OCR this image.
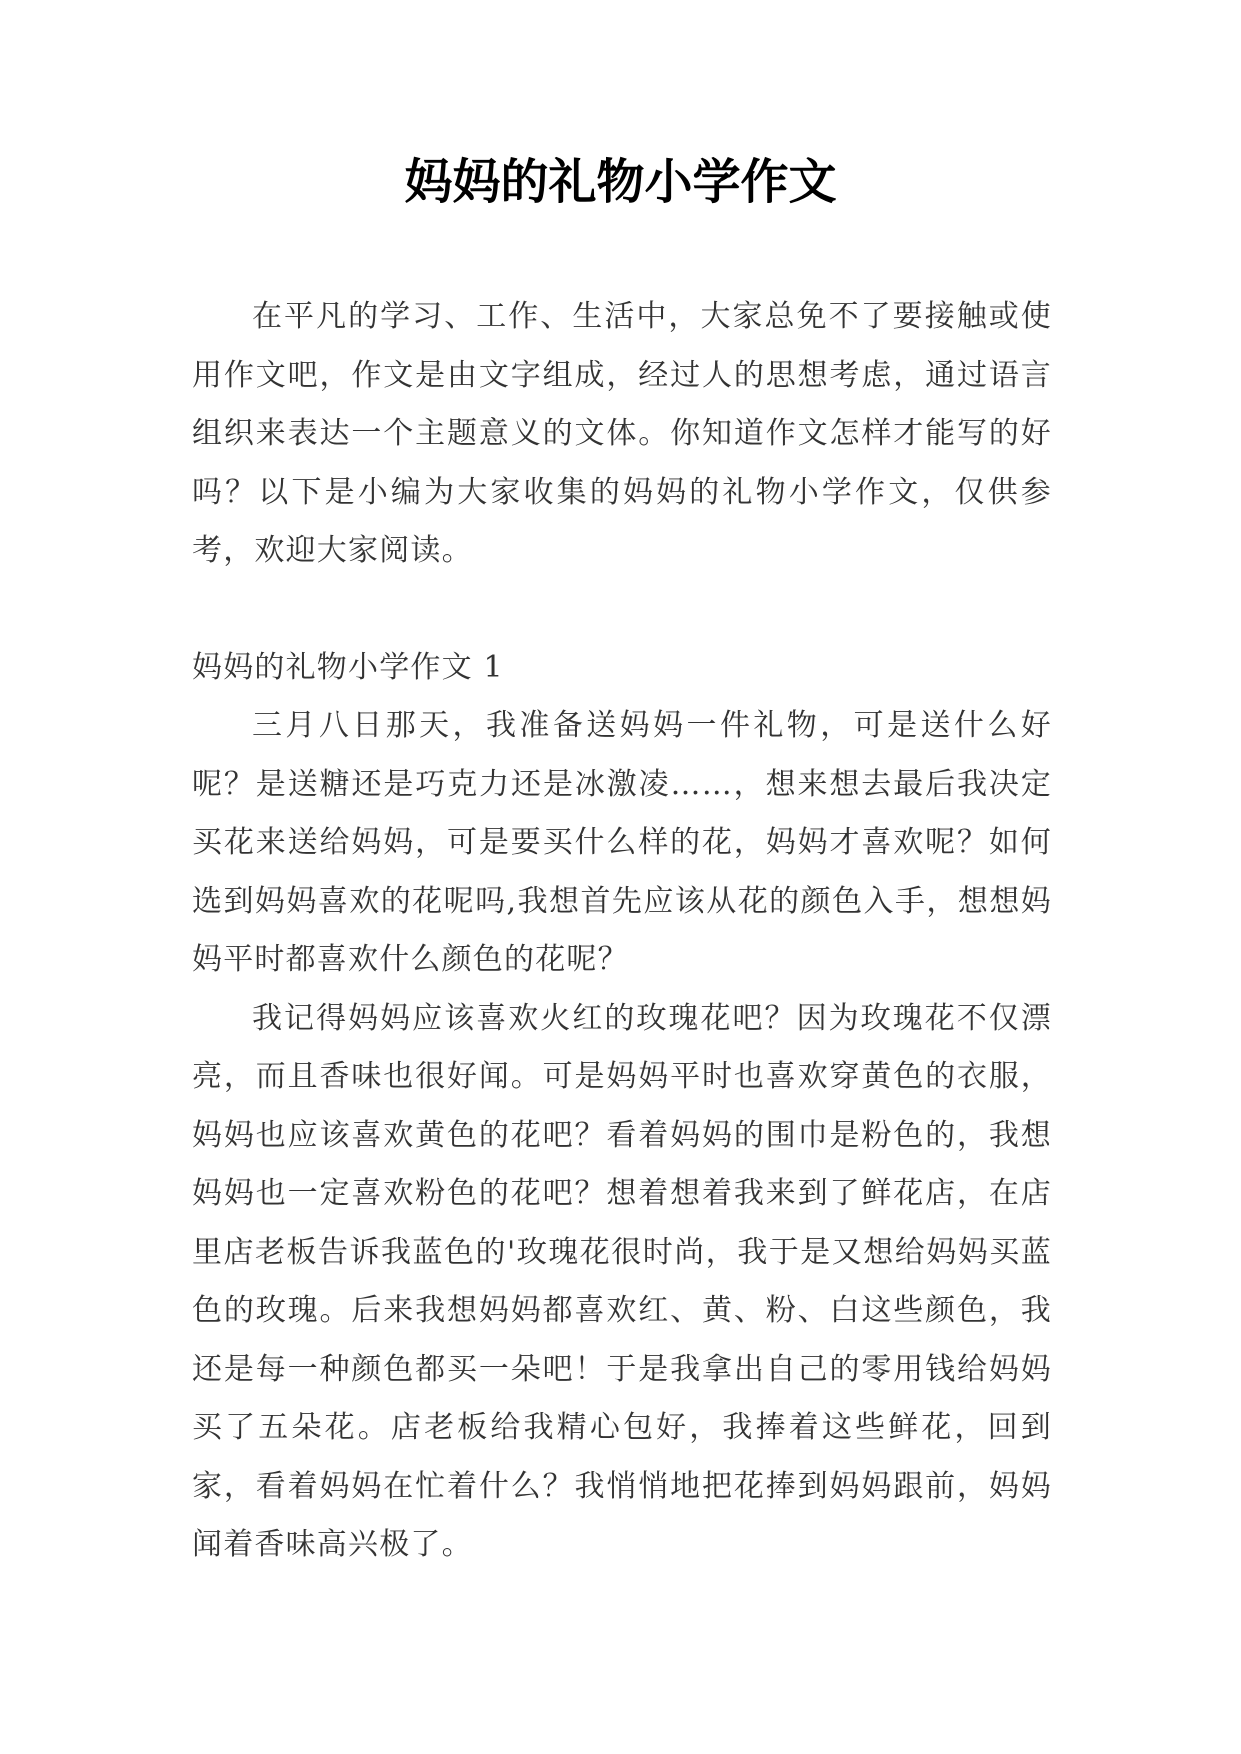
妈妈的礼物小学作文

在平凡的学习、工作、生活中，大家总免不了要接触或使用作文吧，作文是由文字组成，经过人的思想考虑，通过语言组织来表达一个主题意义的文体。你知道作文怎样才能写的好吗？以下是小编为大家收集的妈妈的礼物小学作文，仅供参考，欢迎大家阅读。

妈妈的礼物小学作文 1

三月八日那天，我准备送妈妈一件礼物，可是送什么好呢？是送糖还是巧克力还是冰激凌……，想来想去最后我决定买花来送给妈妈，可是要买什么样的花，妈妈才喜欢呢？如何选到妈妈喜欢的花呢吗,我想首先应该从花的颜色入手，想想妈妈平时都喜欢什么颜色的花呢？

我记得妈妈应该喜欢火红的玫瑰花吧？因为玫瑰花不仅漂亮，而且香味也很好闻。可是妈妈平时也喜欢穿黄色的衣服，妈妈也应该喜欢黄色的花吧？看着妈妈的围巾是粉色的，我想妈妈也一定喜欢粉色的花吧？想着想着我来到了鲜花店，在店里店老板告诉我蓝色的'玫瑰花很时尚，我于是又想给妈妈买蓝色的玫瑰。后来我想妈妈都喜欢红、黄、粉、白这些颜色，我还是每一种颜色都买一朵吧！于是我拿出自己的零用钱给妈妈买了五朵花。店老板给我精心包好，我捧着这些鲜花，回到家，看着妈妈在忙着什么？我悄悄地把花捧到妈妈跟前，妈妈闻着香味高兴极了。
